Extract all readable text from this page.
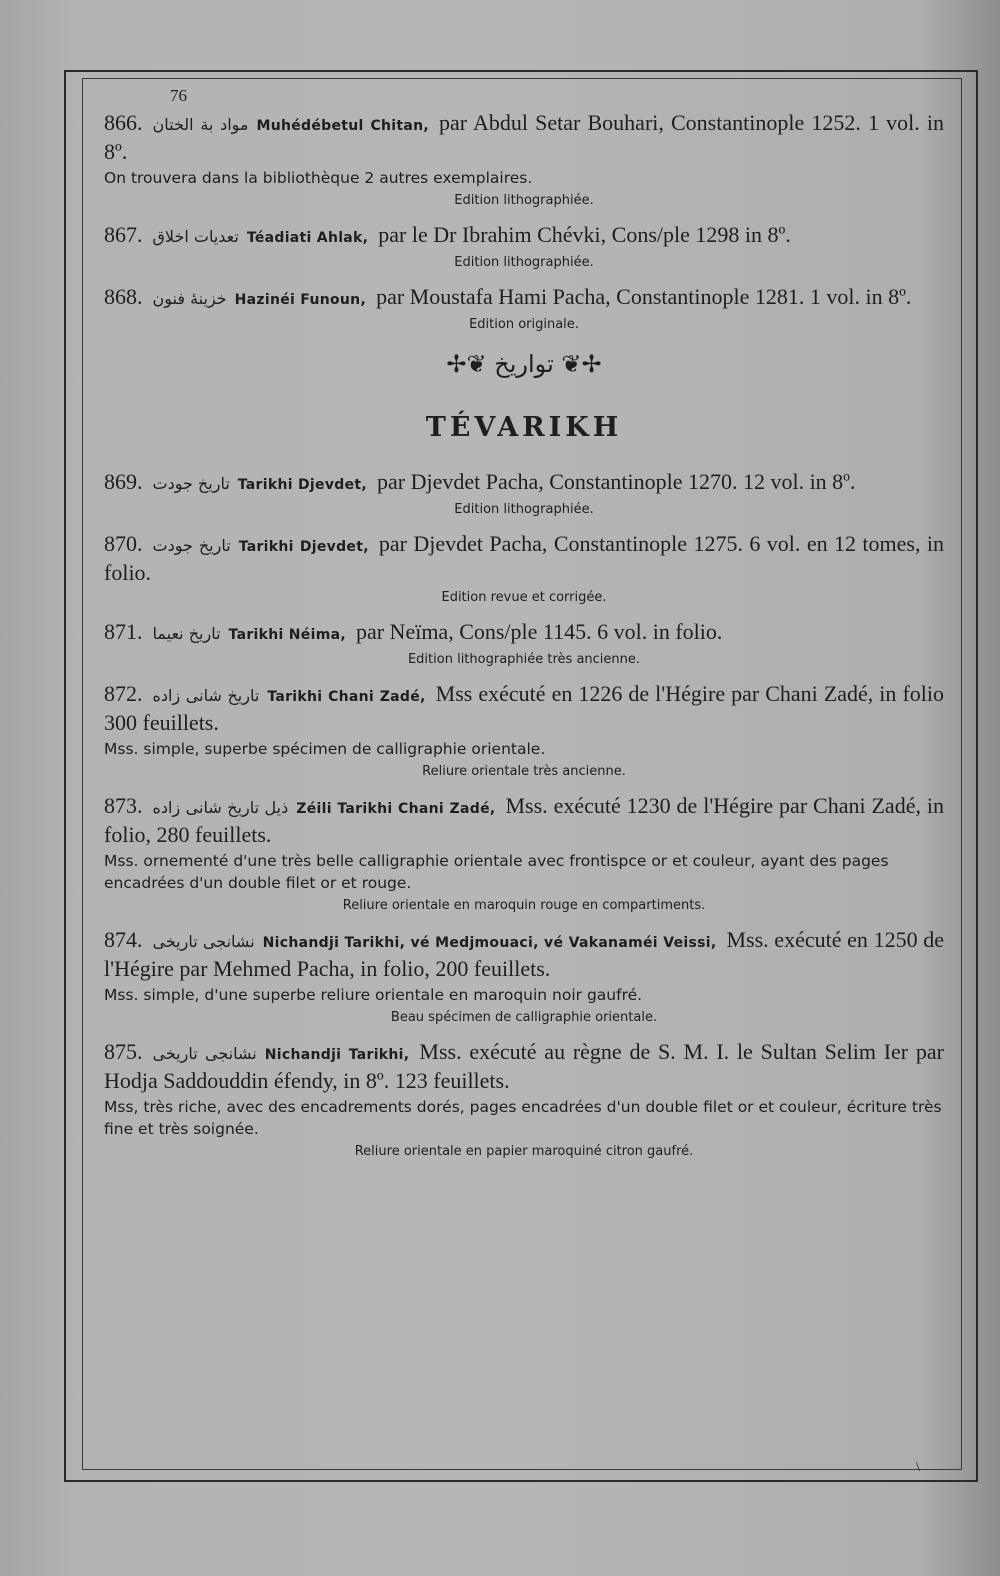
76
866. مواد بة الختان Muhédébetul Chitan, par Abdul Setar Bouhari, Constantinople 1252. 1 vol. in 8º.
On trouvera dans la bibliothèque 2 autres exemplaires.
Edition lithographiée.
867. تعديات اخلاق Téadiati Ahlak, par le Dr Ibrahim Chévki, Cons/ple 1298 in 8º.
Edition lithographiée.
868. خزينهٔ فنون Hazinéi Funoun, par Moustafa Hami Pacha, Constantinople 1281. 1 vol. in 8º.
Edition originale.
✢❦ تواريخ ❦✢
TÉVARIKH
869. تاريخ جودت Tarikhi Djevdet, par Djevdet Pacha, Constantinople 1270. 12 vol. in 8º.
Edition lithographiée.
870. تاريخ جودت Tarikhi Djevdet, par Djevdet Pacha, Constantinople 1275. 6 vol. en 12 tomes, in folio.
Edition revue et corrigée.
871. تاريخ نعيما Tarikhi Néima, par Neïma, Cons/ple 1145. 6 vol. in folio.
Edition lithographiée très ancienne.
872. تاريخ شانى زاده Tarikhi Chani Zadé, Mss exécuté en 1226 de l'Hégire par Chani Zadé, in folio 300 feuillets.
Mss. simple, superbe spécimen de calligraphie orientale.
Reliure orientale très ancienne.
873. ذيل تاريخ شانى زاده Zéili Tarikhi Chani Zadé, Mss. exécuté 1230 de l'Hégire par Chani Zadé, in folio, 280 feuillets.
Mss. ornementé d'une très belle calligraphie orientale avec frontispce or et couleur, ayant des pages encadrées d'un double filet or et rouge.
Reliure orientale en maroquin rouge en compartiments.
874. نشانجى تاريخى Nichandji Tarikhi, vé Medjmouaci, vé Vakanaméi Veissi, Mss. exécuté en 1250 de l'Hégire par Mehmed Pacha, in folio, 200 feuillets.
Mss. simple, d'une superbe reliure orientale en maroquin noir gaufré.
Beau spécimen de calligraphie orientale.
875. نشانجى تاريخى Nichandji Tarikhi, Mss. exécuté au règne de S. M. I. le Sultan Selim Ier par Hodja Saddouddin éfendy, in 8º. 123 feuillets.
Mss, très riche, avec des encadrements dorés, pages encadrées d'un double filet or et couleur, écriture très fine et très soignée.
Reliure orientale en papier maroquiné citron gaufré.
\
